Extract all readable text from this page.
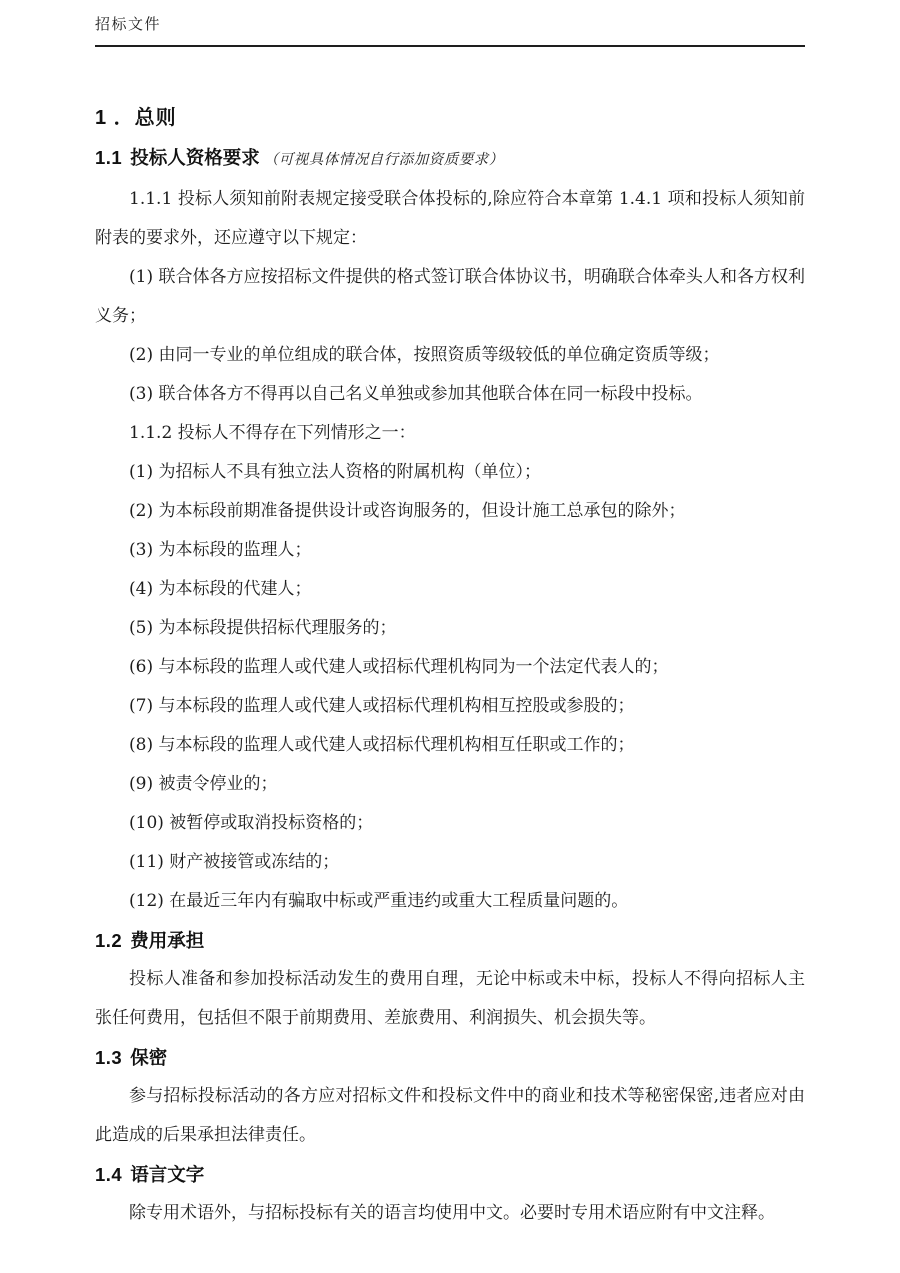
招标文件
1 ．总则
1.1 投标人资格要求 （可视具体情况自行添加资质要求）

1.1.1 投标人须知前附表规定接受联合体投标的,除应符合本章第 1.4.1 项和投标人须知前附表的要求外，还应遵守以下规定：

(1) 联合体各方应按招标文件提供的格式签订联合体协议书，明确联合体牵头人和各方权利义务；

(2) 由同一专业的单位组成的联合体，按照资质等级较低的单位确定资质等级；

(3) 联合体各方不得再以自己名义单独或参加其他联合体在同一标段中投标。

1.1.2 投标人不得存在下列情形之一：

(1) 为招标人不具有独立法人资格的附属机构（单位）；

(2) 为本标段前期准备提供设计或咨询服务的，但设计施工总承包的除外；

(3) 为本标段的监理人；

(4) 为本标段的代建人；

(5) 为本标段提供招标代理服务的；

(6) 与本标段的监理人或代建人或招标代理机构同为一个法定代表人的；

(7) 与本标段的监理人或代建人或招标代理机构相互控股或参股的；

(8) 与本标段的监理人或代建人或招标代理机构相互任职或工作的；

(9) 被责令停业的；

(10) 被暂停或取消投标资格的；

(11) 财产被接管或冻结的；

(12) 在最近三年内有骗取中标或严重违约或重大工程质量问题的。

1.2 费用承担

投标人准备和参加投标活动发生的费用自理，无论中标或未中标，投标人不得向招标人主张任何费用，包括但不限于前期费用、差旅费用、利润损失、机会损失等。

1.3 保密

参与招标投标活动的各方应对招标文件和投标文件中的商业和技术等秘密保密,违者应对由此造成的后果承担法律责任。

1.4 语言文字

除专用术语外，与招标投标有关的语言均使用中文。必要时专用术语应附有中文注释。
